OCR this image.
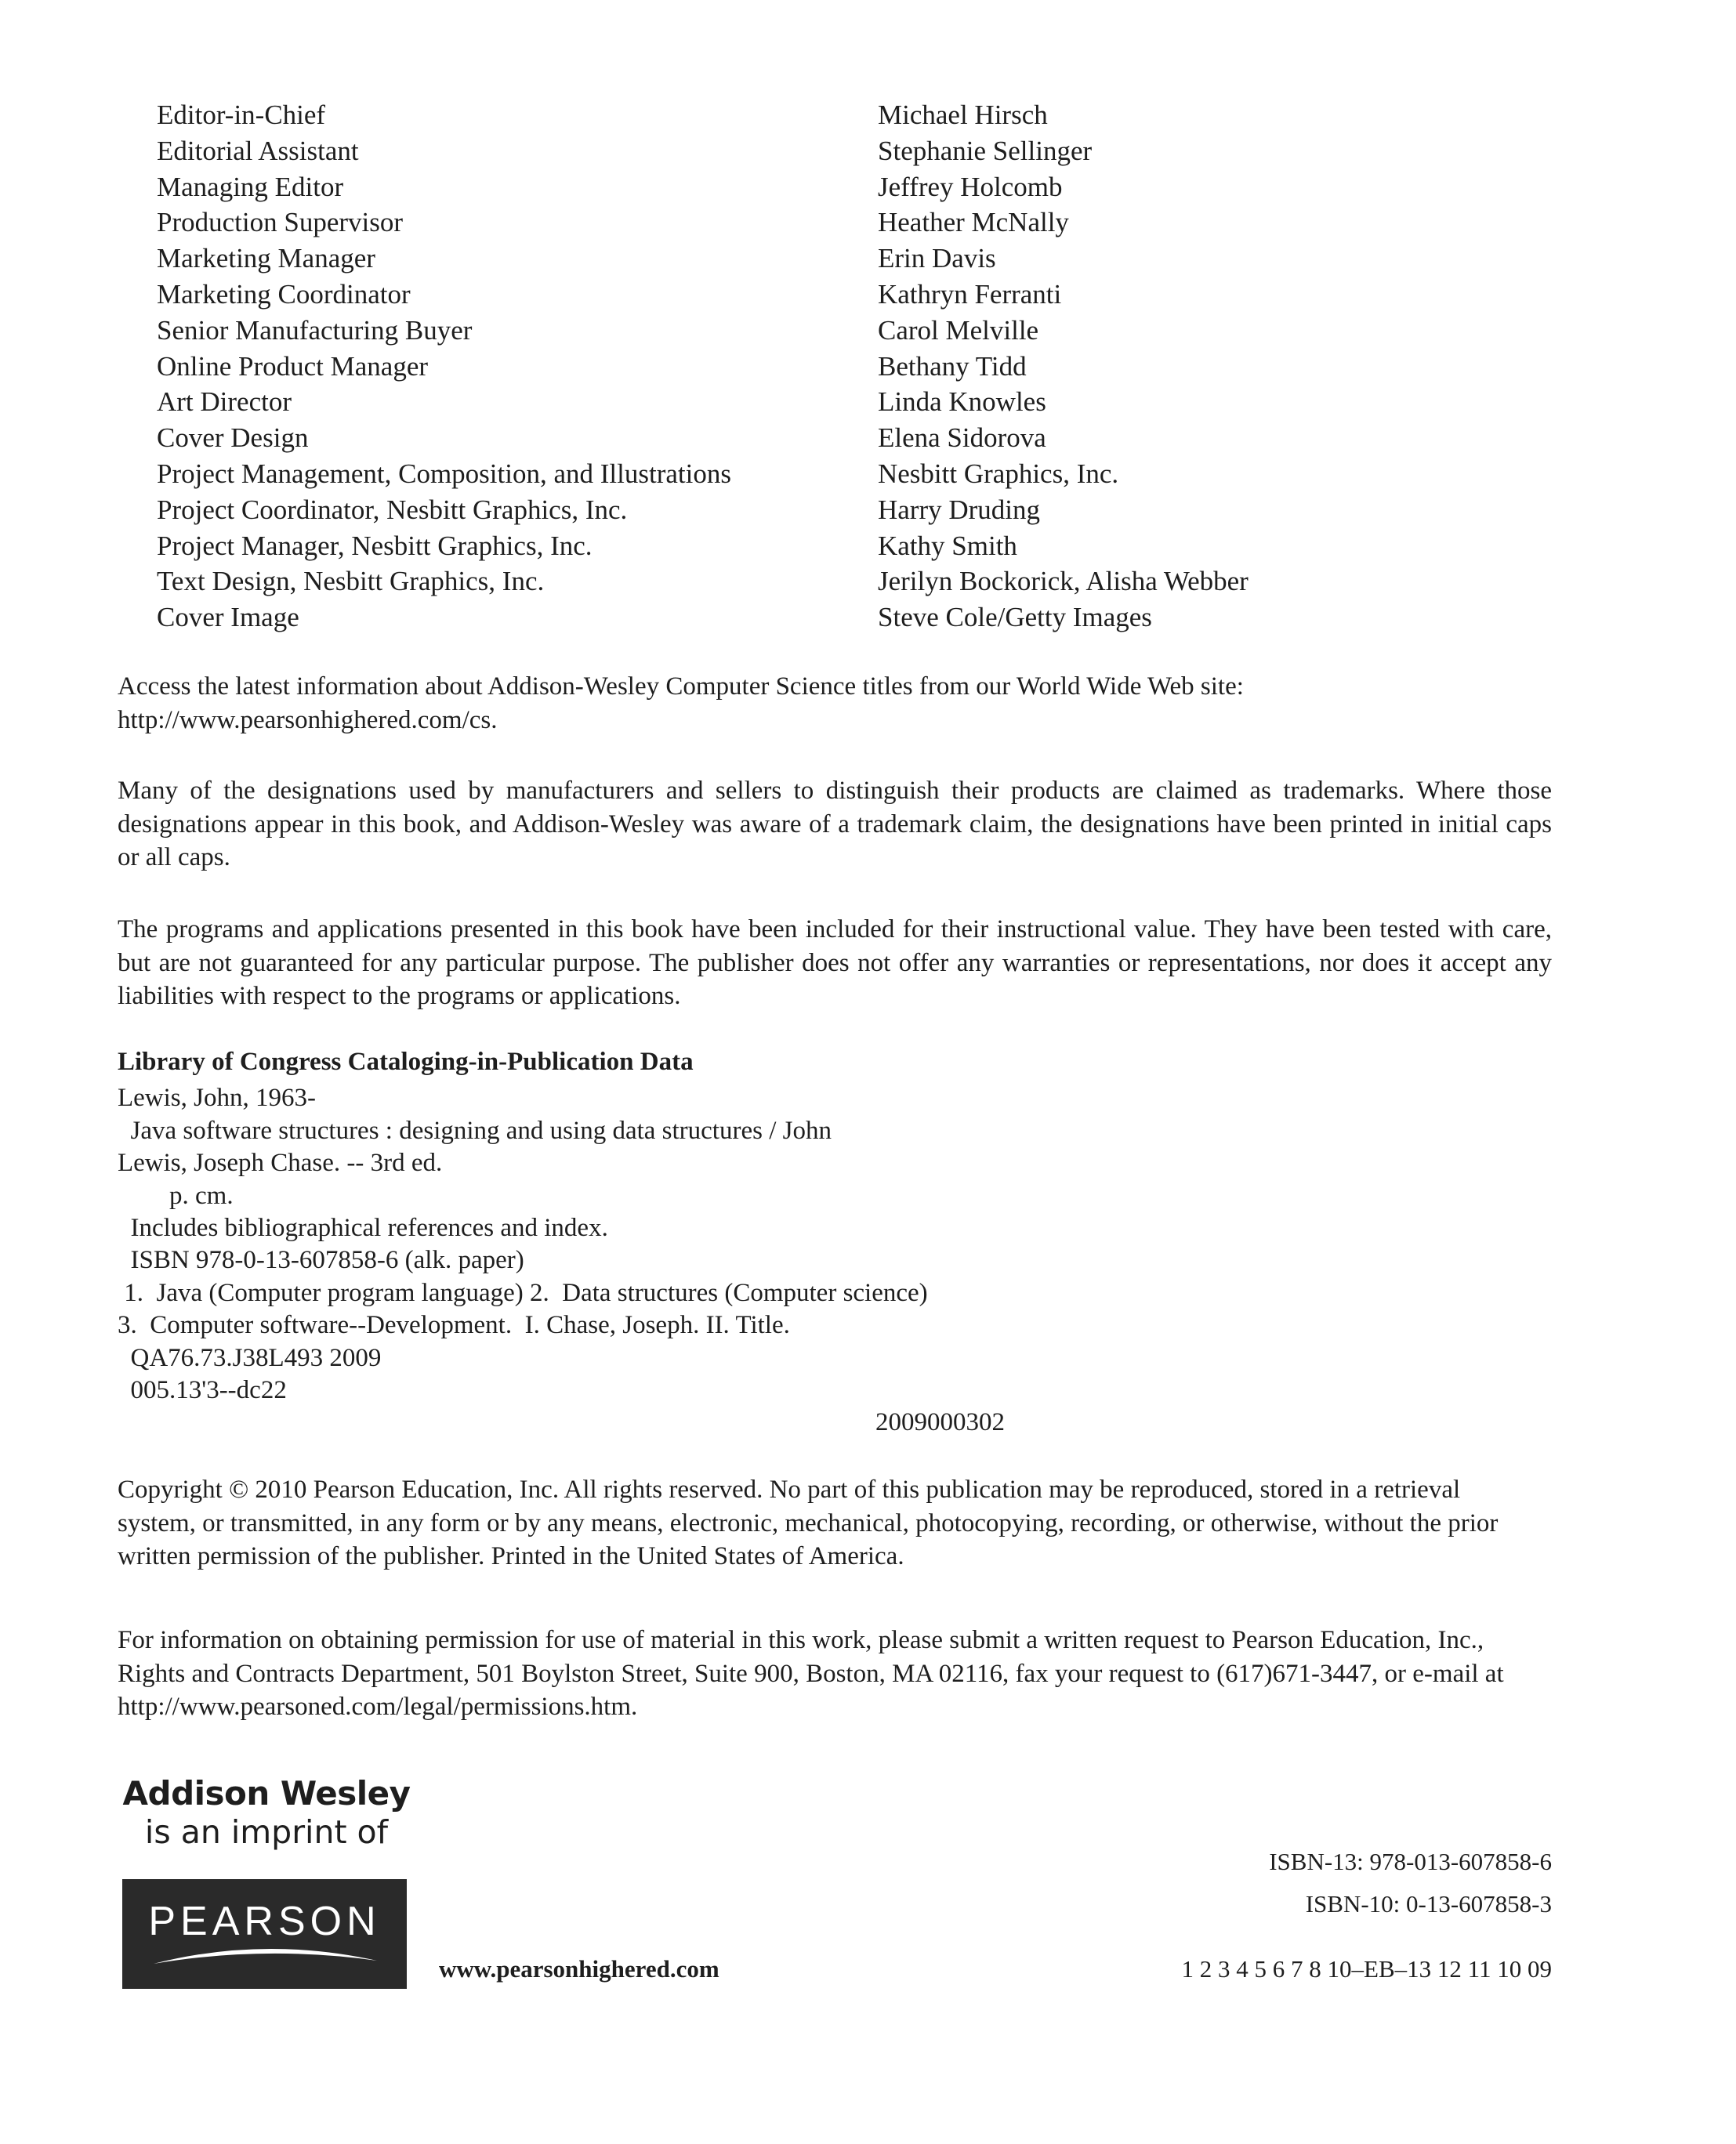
Editor-in-Chief	Michael Hirsch
Editorial Assistant	Stephanie Sellinger
Managing Editor	Jeffrey Holcomb
Production Supervisor	Heather McNally
Marketing Manager	Erin Davis
Marketing Coordinator	Kathryn Ferranti
Senior Manufacturing Buyer	Carol Melville
Online Product Manager	Bethany Tidd
Art Director	Linda Knowles
Cover Design	Elena Sidorova
Project Management, Composition, and Illustrations	Nesbitt Graphics, Inc.
Project Coordinator, Nesbitt Graphics, Inc.	Harry Druding
Project Manager, Nesbitt Graphics, Inc.	Kathy Smith
Text Design, Nesbitt Graphics, Inc.	Jerilyn Bockorick, Alisha Webber
Cover Image	Steve Cole/Getty Images

Access the latest information about Addison-Wesley Computer Science titles from our World Wide Web site:

http://www.pearsonhighered.com/cs.

Many of the designations used by manufacturers and sellers to distinguish their products are claimed as trademarks. Where those designations appear in this book, and Addison-Wesley was aware of a trademark claim, the designations have been printed in initial caps or all caps.

The programs and applications presented in this book have been included for their instructional value. They have been tested with care, but are not guaranteed for any particular purpose. The publisher does not offer any warranties or representations, nor does it accept any liabilities with respect to the programs or applications.

Library of Congress Cataloging-in-Publication Data
Lewis, John, 1963-
Java software structures : designing and using data structures / John
Lewis, Joseph Chase. -- 3rd ed.
p. cm.
Includes bibliographical references and index.
ISBN 978-0-13-607858-6 (alk. paper)
1.  Java (Computer program language) 2.  Data structures (Computer science)
3.  Computer software--Development.  I. Chase, Joseph. II. Title.
QA76.73.J38L493 2009
005.13'3--dc22
2009000302

Copyright © 2010 Pearson Education, Inc. All rights reserved. No part of this publication may be reproduced, stored in a retrieval system, or transmitted, in any form or by any means, electronic, mechanical, photocopying, recording, or otherwise, without the prior written permission of the publisher. Printed in the United States of America.

For information on obtaining permission for use of material in this work, please submit a written request to Pearson Education, Inc., Rights and Contracts Department, 501 Boylston Street, Suite 900, Boston, MA 02116, fax your request to (617)671-3447, or e-mail at http://www.pearsoned.com/legal/permissions.htm.

Addison Wesley
is an imprint of
PEARSON
www.pearsonhighered.com
ISBN-13: 978-013-607858-6
ISBN-10: 0-13-607858-3
1 2 3 4 5 6 7 8 10–EB–13 12 11 10 09
